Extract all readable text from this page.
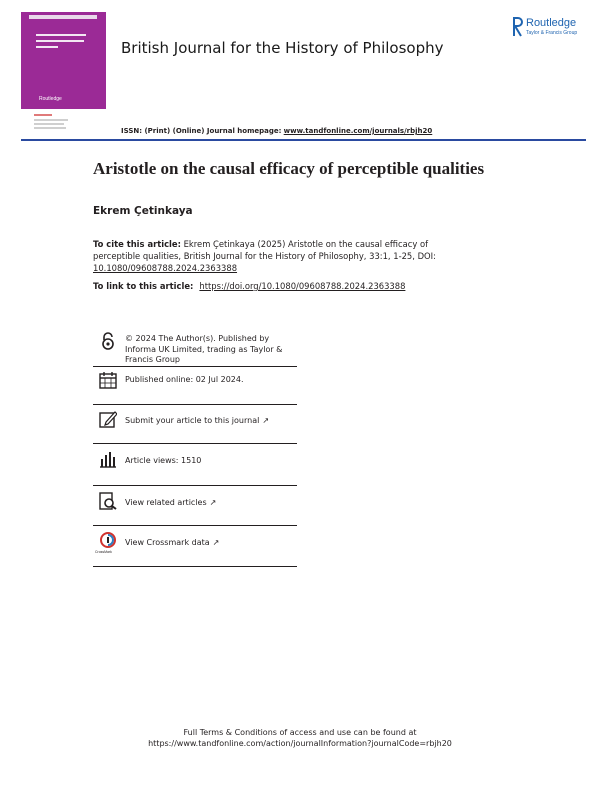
Routledge
British Journal for the History of Philosophy
Routledge
Taylor & Francis Group
ISSN: (Print) (Online) Journal homepage: www.tandfonline.com/journals/rbjh20
Aristotle on the causal efficacy of perceptible qualities
Ekrem Çetinkaya
To cite this article: Ekrem Çetinkaya (2025) Aristotle on the causal efficacy of perceptible qualities, British Journal for the History of Philosophy, 33:1, 1-25, DOI: 10.1080/09608788.2024.2363388
To link to this article: https://doi.org/10.1080/09608788.2024.2363388
© 2024 The Author(s). Published by Informa UK Limited, trading as Taylor & Francis Group
Published online: 02 Jul 2024.
Submit your article to this journal ↗
Article views: 1510
View related articles ↗
CrossMark
View Crossmark data ↗
Full Terms & Conditions of access and use can be found at
https://www.tandfonline.com/action/journalInformation?journalCode=rbjh20
